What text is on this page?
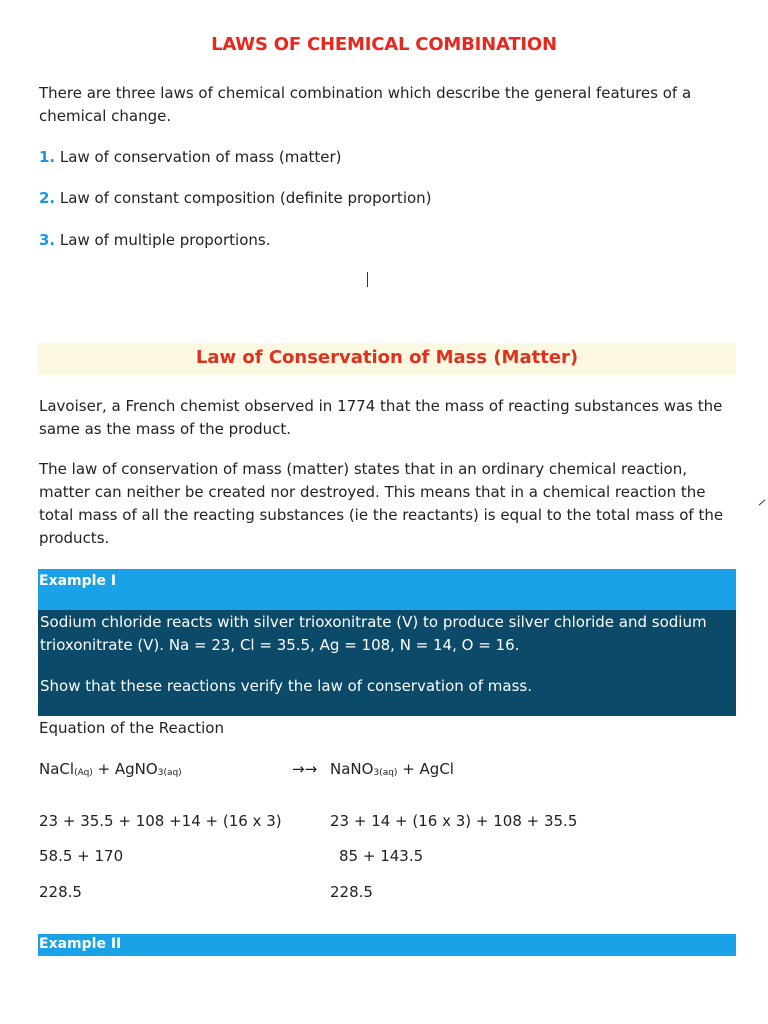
LAWS OF CHEMICAL COMBINATION
There are three laws of chemical combination which describe the general features of a
chemical change.
1. Law of conservation of mass (matter)
2. Law of constant composition (definite proportion)
3. Law of multiple proportions.
Law of Conservation of Mass (Matter)
Lavoiser, a French chemist observed in 1774 that the mass of reacting substances was the
same as the mass of the product.
The law of conservation of mass (matter) states that in an ordinary chemical reaction,
matter can neither be created nor destroyed. This means that in a chemical reaction the
total mass of all the reacting substances (ie the reactants) is equal to the total mass of the
products.
Example I

Sodium chloride reacts with silver trioxonitrate (V) to produce silver chloride and sodium

trioxonitrate (V). Na = 23, Cl = 35.5, Ag = 108, N = 14, O = 16.

Show that these reactions verify the law of conservation of mass.

Equation of the Reaction
NaCl(Aq) + AgNO3(aq)	→→ NaNO3(aq) + AgCl
23 + 35.5 + 108 +14 + (16 x 3)	23 + 14 + (16 x 3) + 108 + 35.5
58.5 + 170	85 + 143.5
228.5	228.5
Example II
